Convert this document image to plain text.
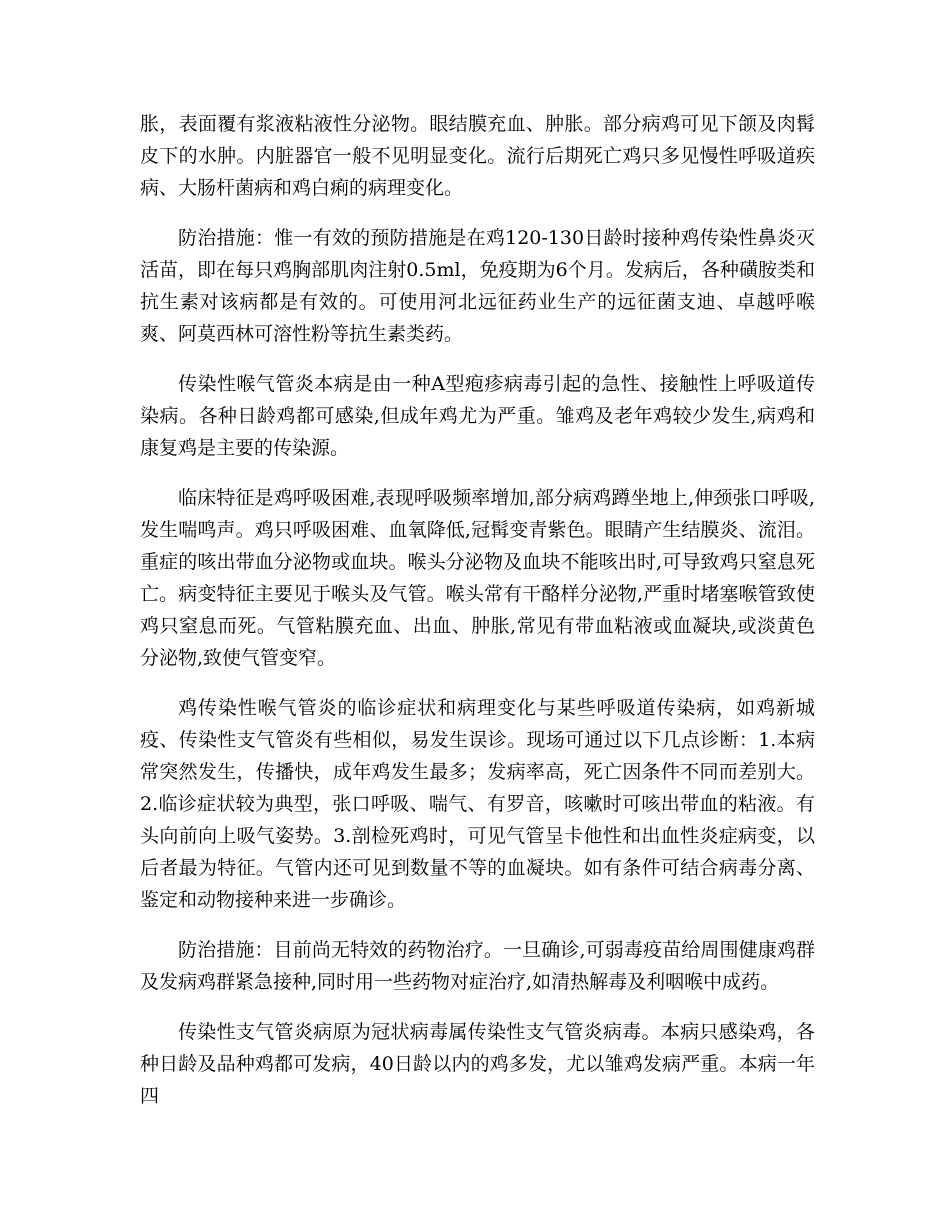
胀，表面覆有浆液粘液性分泌物。眼结膜充血、肿胀。部分病鸡可见下颌及肉髯皮下的水肿。内脏器官一般不见明显变化。流行后期死亡鸡只多见慢性呼吸道疾病、大肠杆菌病和鸡白痢的病理变化。

防治措施：惟一有效的预防措施是在鸡120-130日龄时接种鸡传染性鼻炎灭活苗，即在每只鸡胸部肌肉注射0.5ml，免疫期为6个月。发病后，各种磺胺类和抗生素对该病都是有效的。可使用河北远征药业生产的远征菌支迪、卓越呼喉爽、阿莫西林可溶性粉等抗生素类药。

传染性喉气管炎本病是由一种A型疱疹病毒引起的急性、接触性上呼吸道传染病。各种日龄鸡都可感染,但成年鸡尤为严重。雏鸡及老年鸡较少发生,病鸡和康复鸡是主要的传染源。

临床特征是鸡呼吸困难,表现呼吸频率增加,部分病鸡蹲坐地上,伸颈张口呼吸,发生喘鸣声。鸡只呼吸困难、血氧降低,冠髯变青紫色。眼睛产生结膜炎、流泪。重症的咳出带血分泌物或血块。喉头分泌物及血块不能咳出时,可导致鸡只窒息死亡。病变特征主要见于喉头及气管。喉头常有干酪样分泌物,严重时堵塞喉管致使鸡只窒息而死。气管粘膜充血、出血、肿胀,常见有带血粘液或血凝块,或淡黄色分泌物,致使气管变窄。

鸡传染性喉气管炎的临诊症状和病理变化与某些呼吸道传染病，如鸡新城疫、传染性支气管炎有些相似，易发生误诊。现场可通过以下几点诊断：1.本病常突然发生，传播快，成年鸡发生最多；发病率高，死亡因条件不同而差别大。2.临诊症状较为典型，张口呼吸、喘气、有罗音，咳嗽时可咳出带血的粘液。有头向前向上吸气姿势。3.剖检死鸡时，可见气管呈卡他性和出血性炎症病变，以后者最为特征。气管内还可见到数量不等的血凝块。如有条件可结合病毒分离、鉴定和动物接种来进一步确诊。

防治措施：目前尚无特效的药物治疗。一旦确诊,可弱毒疫苗给周围健康鸡群及发病鸡群紧急接种,同时用一些药物对症治疗,如清热解毒及利咽喉中成药。

传染性支气管炎病原为冠状病毒属传染性支气管炎病毒。本病只感染鸡，各种日龄及品种鸡都可发病，40日龄以内的鸡多发，尤以雏鸡发病严重。本病一年四
